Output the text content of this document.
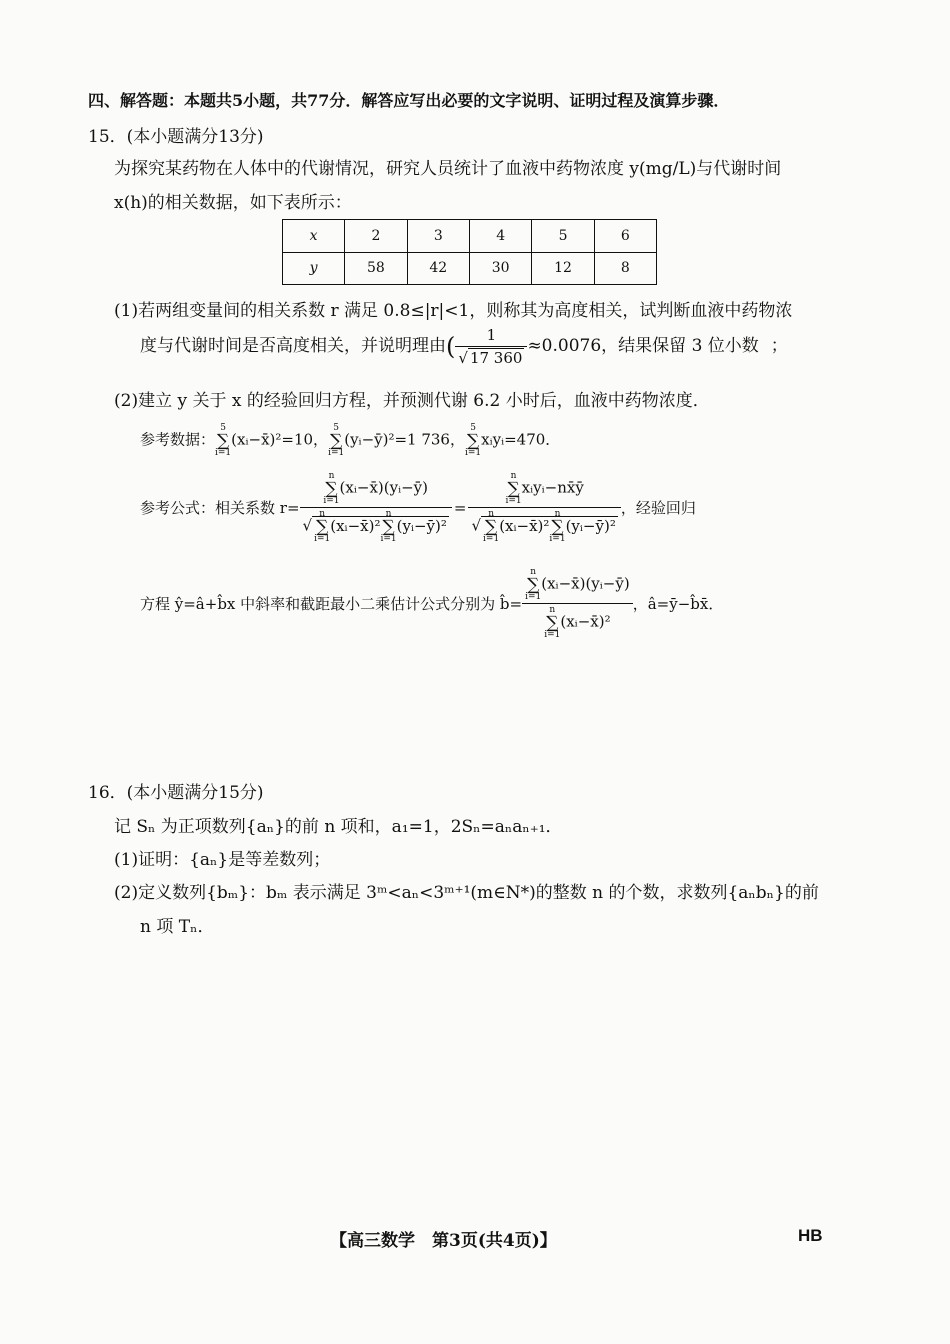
四、解答题：本题共5小题，共77分．解答应写出必要的文字说明、证明过程及演算步骤．
15．(本小题满分13分)
为探究某药物在人体中的代谢情况，研究人员统计了血液中药物浓度 y(mg/L)与代谢时间
x(h)的相关数据，如下表所示：
x	2	3	4	5	6
y	58	42	30	12	8
(1)若两组变量间的相关系数 r 满足 0.8≤|r|<1，则称其为高度相关，试判断血液中药物浓
度与代谢时间是否高度相关，并说明理由( $\frac{1}{√ 17 360} \approx 0.0076$，结果保留 3 位小数 ；
(2)建立 y 关于 x 的经验回归方程，并预测代谢 6.2 小时后，血液中药物浓度．
参考数据：
5
∑
i=1
(xᵢ−x̄)²=10，
5
∑
i=1
(yᵢ−ȳ)²=1 736，
5
∑
i=1
xᵢyᵢ=470．
参考公式：相关系数 r= n
∑
i=1
(xᵢ−x̄)(yᵢ−ȳ)
√
n
∑
i=1
(xᵢ−x̄)²
n
∑
i=1
(yᵢ−ȳ)² = n
∑
i=1
xᵢyᵢ−nx̄ȳ
√
n
∑
i=1
(xᵢ−x̄)²
n
∑
i=1
(yᵢ−ȳ)² ，经验回归
方程 ŷ=â+b̂x 中斜率和截距最小二乘估计公式分别为 b̂= n
∑
i=1
(xᵢ−x̄)(yᵢ−ȳ)
n
∑
i=1
(xᵢ−x̄)² ，â=ȳ−b̂x̄．
16．(本小题满分15分)
记 Sₙ 为正项数列{aₙ}的前 n 项和，a₁=1，2Sₙ=aₙaₙ₊₁．
(1)证明：{aₙ}是等差数列；
(2)定义数列{bₘ}：bₘ 表示满足 3ᵐ<aₙ<3ᵐ⁺¹(m∈N*)的整数 n 的个数，求数列{aₙbₙ}的前
n 项 Tₙ．
【高三数学　第3页(共4页)】	HB
